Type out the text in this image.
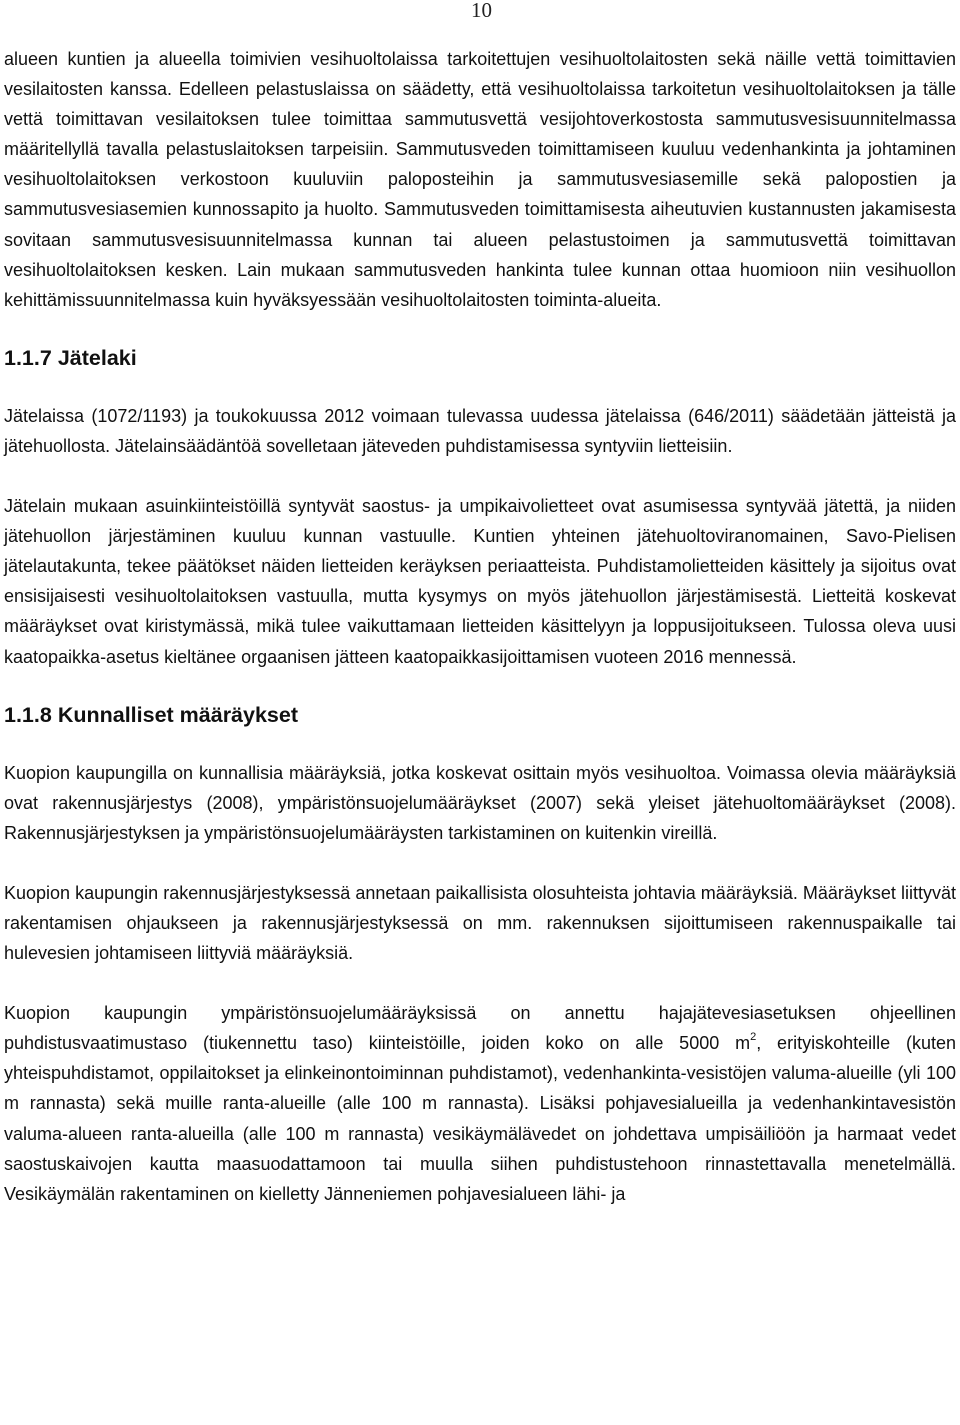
10

alueen kuntien ja alueella toimivien vesihuoltolaissa tarkoitettujen vesihuoltolaitosten sekä näille vettä toimittavien vesilaitosten kanssa. Edelleen pelastuslaissa on säädetty, että vesihuoltolaissa tarkoitetun vesihuoltolaitoksen ja tälle vettä toimittavan vesilaitoksen tulee toimittaa sammutusvettä vesijohtoverkostosta sammutusvesisuunnitelmassa määritellyllä tavalla pelastuslaitoksen tarpeisiin. Sammutusveden toimittamiseen kuuluu vedenhankinta ja johtaminen vesihuoltolaitoksen verkostoon kuuluviin paloposteihin ja sammutusvesiasemille sekä palopostien ja sammutusvesiasemien kunnossapito ja huolto. Sammutusveden toimittamisesta aiheutuvien kustannusten jakamisesta sovitaan sammutusvesisuunnitelmassa kunnan tai alueen pelastustoimen ja sammutusvettä toimittavan vesihuoltolaitoksen kesken. Lain mukaan sammutusveden hankinta tulee kunnan ottaa huomioon niin vesihuollon kehittämissuunnitelmassa kuin hyväksyessään vesihuoltolaitosten toiminta-alueita.

1.1.7 Jätelaki

Jätelaissa (1072/1193) ja toukokuussa 2012 voimaan tulevassa uudessa jätelaissa (646/2011) säädetään jätteistä ja jätehuollosta. Jätelainsäädäntöä sovelletaan jäteveden puhdistamisessa syntyviin lietteisiin.

Jätelain mukaan asuinkiinteistöillä syntyvät saostus- ja umpikaivolietteet ovat asumisessa syntyvää jätettä, ja niiden jätehuollon järjestäminen kuuluu kunnan vastuulle. Kuntien yhteinen jätehuoltoviranomainen, Savo-Pielisen jätelautakunta, tekee päätökset näiden lietteiden keräyksen periaatteista. Puhdistamolietteiden käsittely ja sijoitus ovat ensisijaisesti vesihuoltolaitoksen vastuulla, mutta kysymys on myös jätehuollon järjestämisestä. Lietteitä koskevat määräykset ovat kiristymässä, mikä tulee vaikuttamaan lietteiden käsittelyyn ja loppusijoitukseen. Tulossa oleva uusi kaatopaikka-asetus kieltänee orgaanisen jätteen kaatopaikkasijoittamisen vuoteen 2016 mennessä.

1.1.8 Kunnalliset määräykset

Kuopion kaupungilla on kunnallisia määräyksiä, jotka koskevat osittain myös vesihuoltoa. Voimassa olevia määräyksiä ovat rakennusjärjestys (2008), ympäristönsuojelumääräykset (2007) sekä yleiset jätehuoltomääräykset (2008). Rakennusjärjestyksen ja ympäristönsuojelumääräysten tarkistaminen on kuitenkin vireillä.

Kuopion kaupungin rakennusjärjestyksessä annetaan paikallisista olosuhteista johtavia määräyksiä. Määräykset liittyvät rakentamisen ohjaukseen ja rakennusjärjestyksessä on mm. rakennuksen sijoittumiseen rakennuspaikalle tai hulevesien johtamiseen liittyviä määräyksiä.

Kuopion kaupungin ympäristönsuojelumääräyksissä on annettu hajajätevesiasetuksen ohjeellinen puhdistusvaatimustaso (tiukennettu taso) kiinteistöille, joiden koko on alle 5000 $m^2$, erityiskohteille (kuten yhteispuhdistamot, oppilaitokset ja elinkeinontoiminnan puhdistamot), vedenhankinta-vesistöjen valuma-alueille (yli 100 m rannasta) sekä muille ranta-alueille (alle 100 m rannasta). Lisäksi pohjavesialueilla ja vedenhankintavesistön valuma-alueen ranta-alueilla (alle 100 m rannasta) vesikäymälävedet on johdettava umpisäiliöön ja harmaat vedet saostuskaivojen kautta maasuodattamoon tai muulla siihen puhdistustehoon rinnastettavalla menetelmällä. Vesikäymälän rakentaminen on kielletty Jänneniemen pohjavesialueen lähi- ja
